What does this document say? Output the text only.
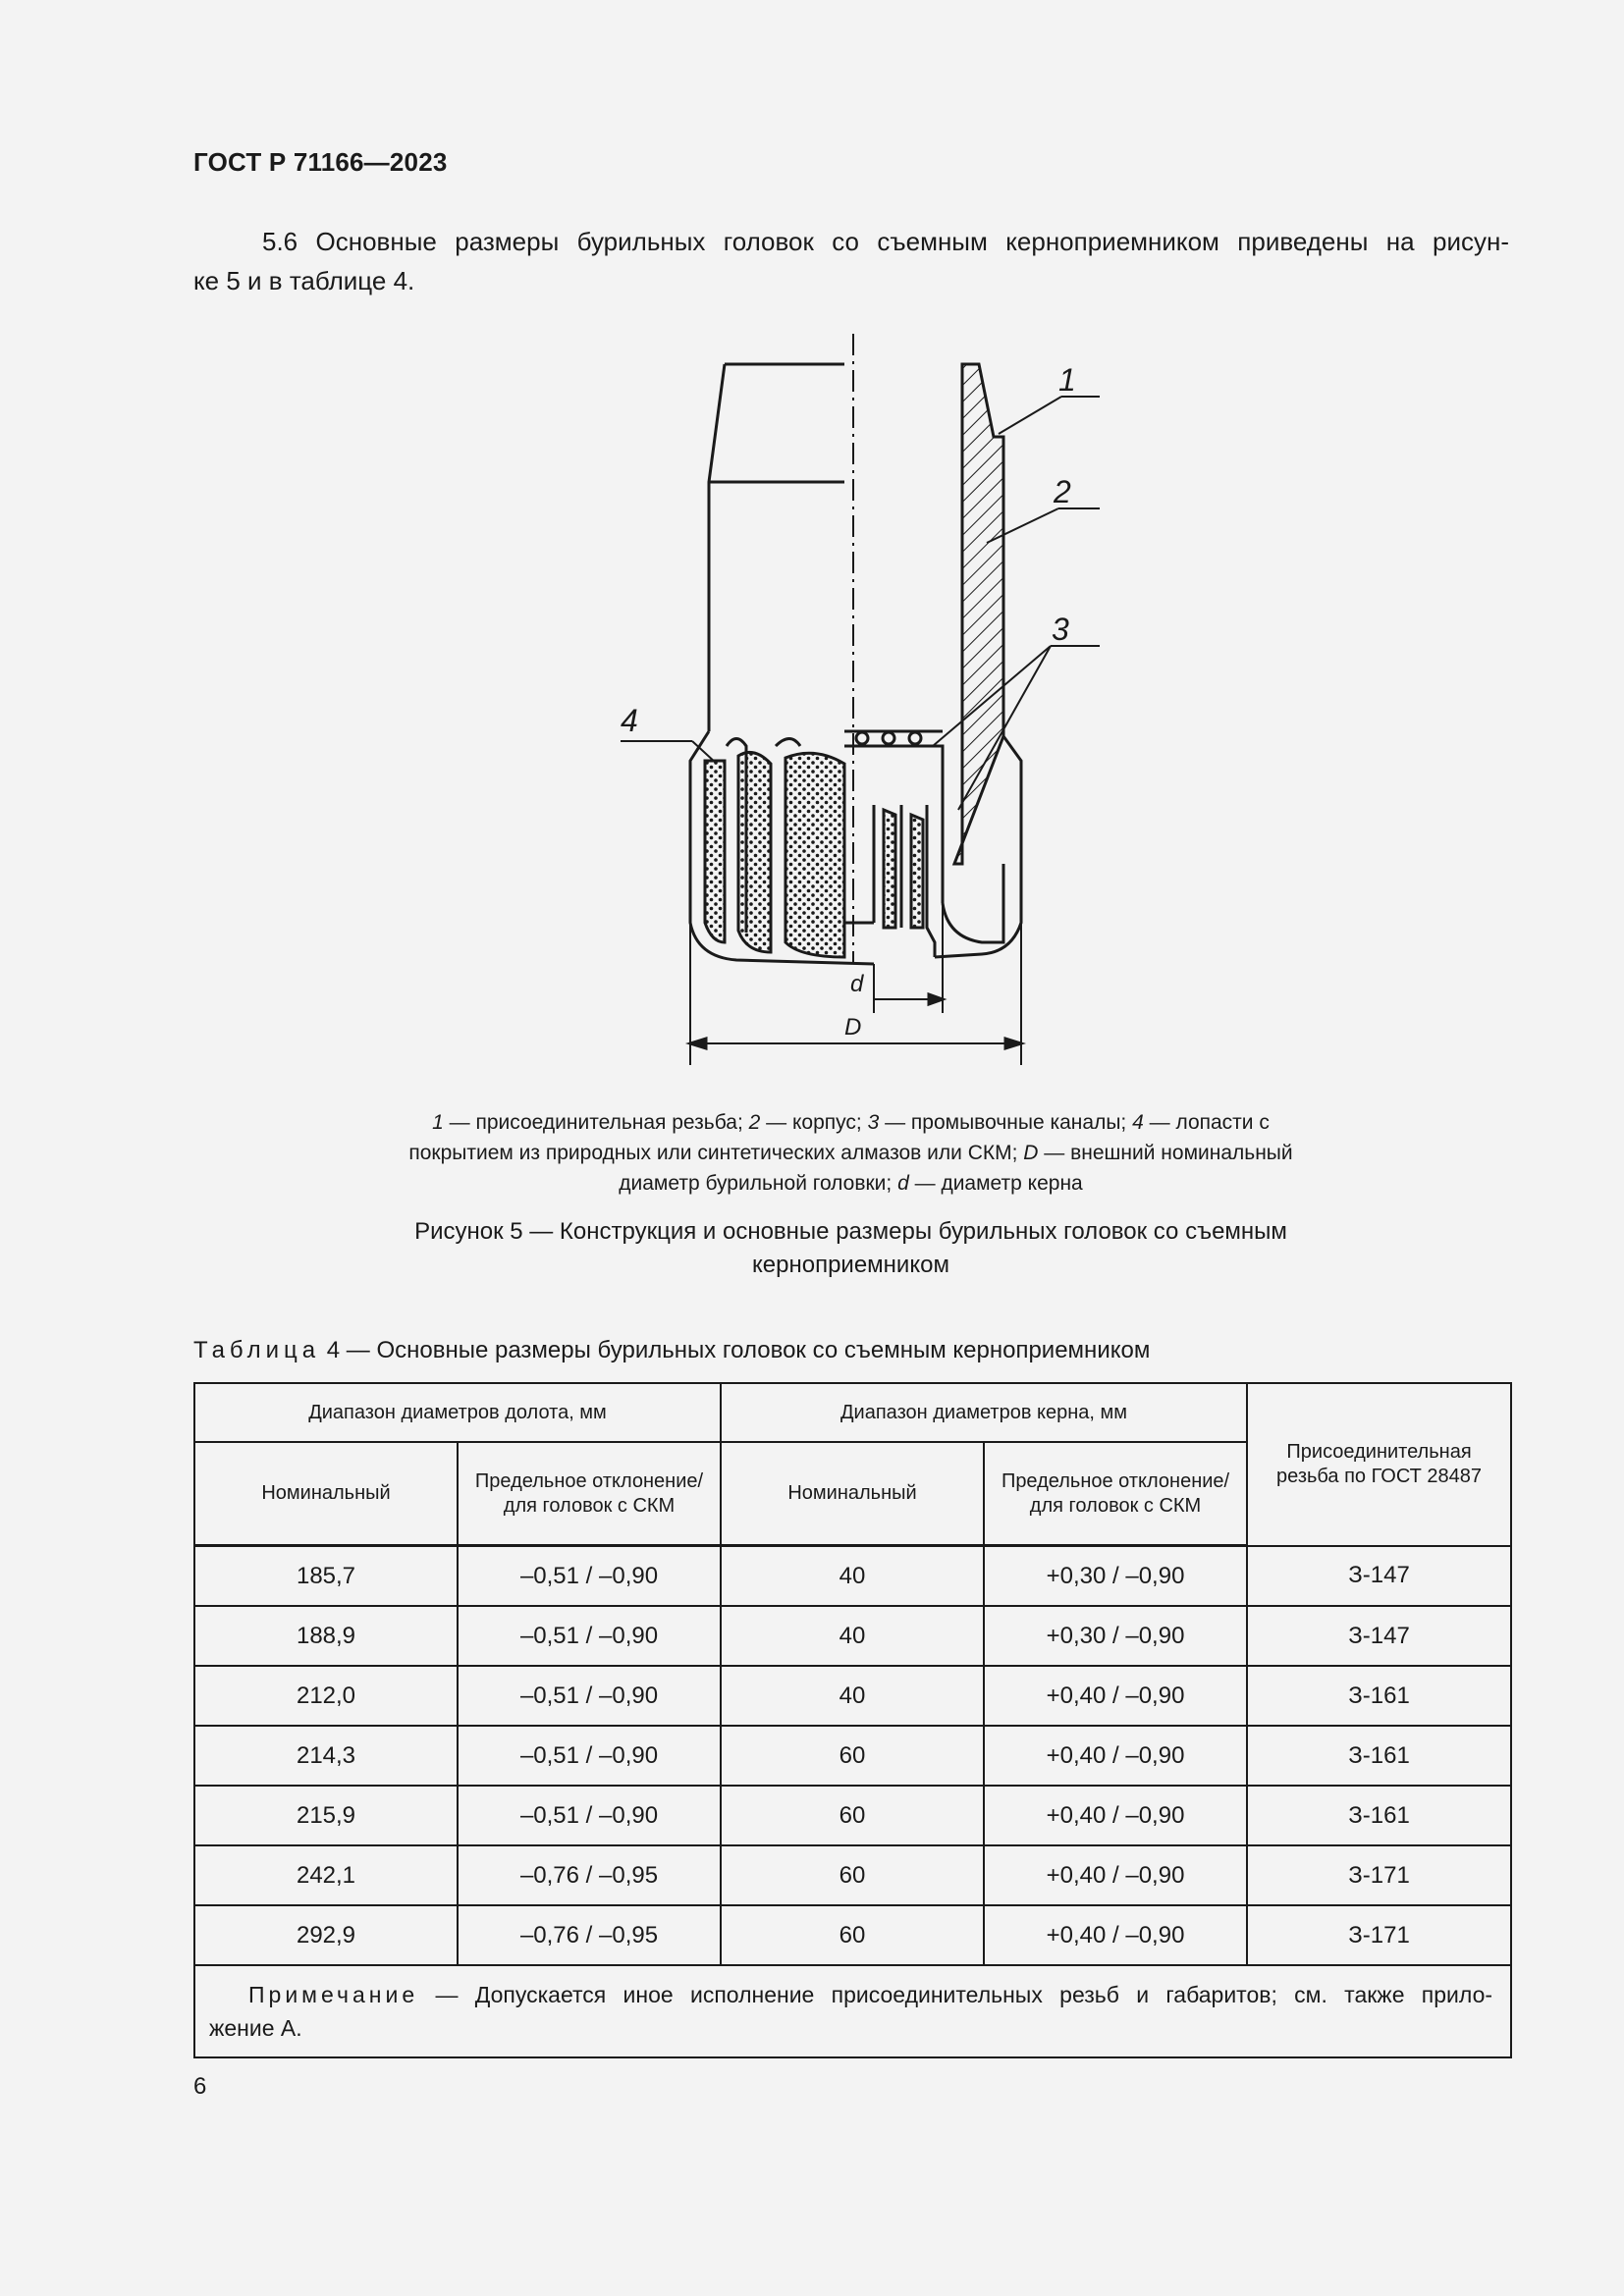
ГОСТ Р 71166—2023
5.6 Основные размеры бурильных головок со съемным кернoприемником приведены на рисун-
ке 5 и в таблице 4.
1
2
3
4
d
D
1 — присоединительная резьба; 2 — корпус; 3 — промывочные каналы; 4 — лопасти с покрытием из природных или синтетических алмазов или СКМ; D — внешний номинальный диаметр бурильной головки; d — диаметр керна
Рисунок 5 — Конструкция и основные размеры бурильных головок со съемным
кернoприемником
Таблица 4 — Основные размеры бурильных головок со съемным кернoприемником
Диапазон диаметров долота, мм		Диапазон диаметров керна, мм		Присоединительная резьба по ГОСТ 28487
Номинальный	Предельное отклонение/для головок с СКМ	Номинальный	Предельное отклонение/для головок с СКМ	
185,7	–0,51 / –0,90	40	+0,30 / –0,90	З-147
188,9	–0,51 / –0,90	40	+0,30 / –0,90	З-147
212,0	–0,51 / –0,90	40	+0,40 / –0,90	З-161
214,3	–0,51 / –0,90	60	+0,40 / –0,90	З-161
215,9	–0,51 / –0,90	60	+0,40 / –0,90	З-161
242,1	–0,76 / –0,95	60	+0,40 / –0,90	З-171
292,9	–0,76 / –0,95	60	+0,40 / –0,90	З-171

Примечание — Допускается иное исполнение присоединительных резьб и габаритов; см. также прило-
жение А.				
6
